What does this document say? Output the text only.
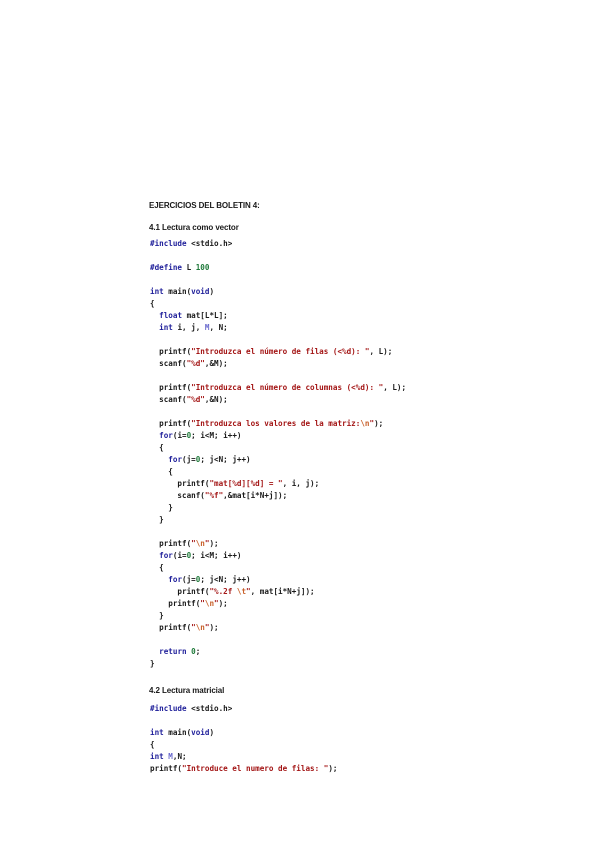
EJERCICIOS DEL BOLETIN 4:
4.1 Lectura como vector
#include <stdio.h>

#define L 100

int main(void)
{
float mat[L*L];
int i, j, M, N;

printf("Introduzca el número de filas (<%d): ", L);
scanf("%d",&M);

printf("Introduzca el número de columnas (<%d): ", L);
scanf("%d",&N);

printf("Introduzca los valores de la matriz:\n");
for(i=0; i<M; i++)
{
for(j=0; j<N; j++)
{
printf("mat[%d][%d] = ", i, j);
scanf("%f",&mat[i*N+j]);
}
}

printf("\n");
for(i=0; i<M; i++)
{
for(j=0; j<N; j++)
printf("%.2f \t", mat[i*N+j]);
printf("\n");
}
printf("\n");

return 0;
}
4.2 Lectura matricial
#include <stdio.h>

int main(void)
{
int M,N;
printf("Introduce el numero de filas: ");
